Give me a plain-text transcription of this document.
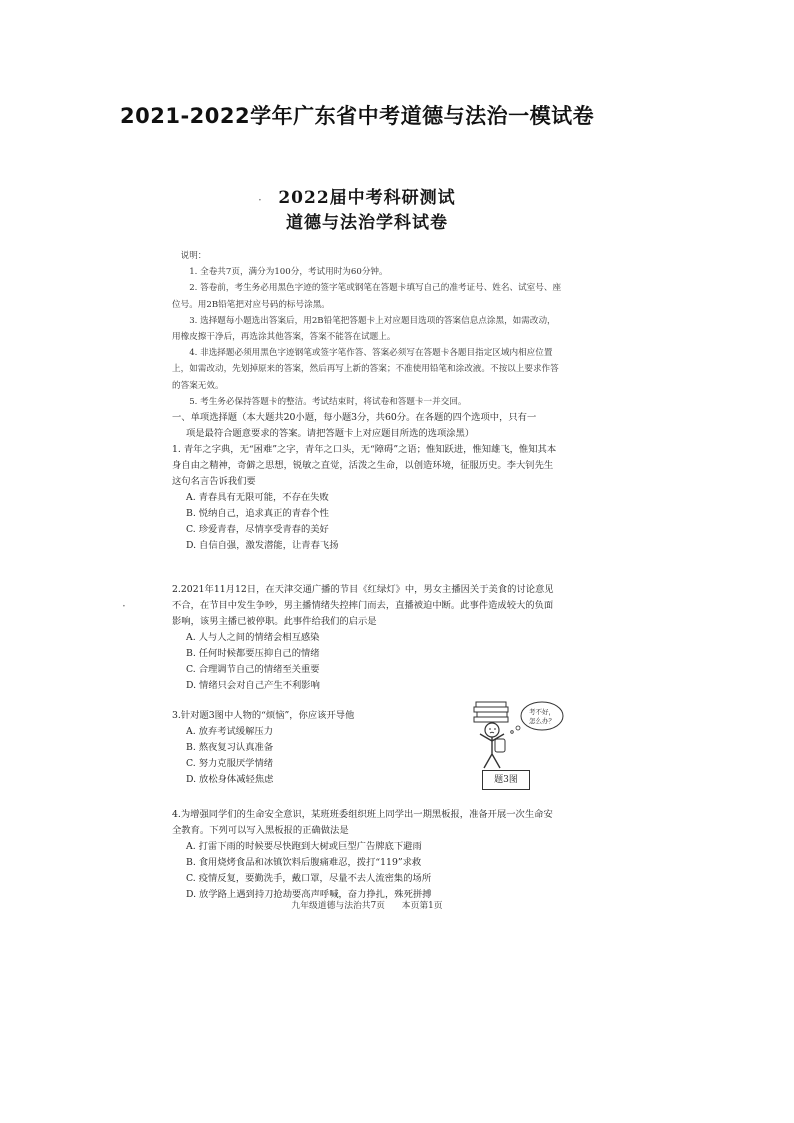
2021-2022学年广东省中考道德与法治一模试卷
·
·
2022届中考科研测试
道德与法治学科试卷
说明：
1. 全卷共7页，满分为100分，考试用时为60分钟。
2. 答卷前，考生务必用黑色字迹的签字笔或钢笔在答题卡填写自己的准考证号、姓名、试室号、座位号。用2B铅笔把对应号码的标号涂黑。
3. 选择题每小题选出答案后，用2B铅笔把答题卡上对应题目选项的答案信息点涂黑，如需改动，用橡皮擦干净后，再选涂其他答案，答案不能答在试题上。
4. 非选择题必须用黑色字迹钢笔或签字笔作答、答案必须写在答题卡各题目指定区域内相应位置上，如需改动，先划掉原来的答案，然后再写上新的答案；不准使用铅笔和涂改液。不按以上要求作答的答案无效。
5. 考生务必保持答题卡的整洁。考试结束时，将试卷和答题卡一并交回。
一、单项选择题（本大题共20小题，每小题3分，共60分。在各题的四个选项中，只有一
项是最符合题意要求的答案。请把答题卡上对应题目所选的选项涂黑）

1. 青年之字典，无“困难”之字，青年之口头，无“障碍”之语；惟知跃进，惟知雄飞，惟知其本身自由之精神，奇僻之思想，锐敏之直觉，活泼之生命，以创造环境，征服历史。李大钊先生这句名言告诉我们要

A. 青春具有无限可能，不存在失败
B. 悦纳自己，追求真正的青春个性
C. 珍爱青春，尽情享受青春的美好
D. 自信自强，激发潜能，让青春飞扬

2.2021年11月12日，在天津交通广播的节目《红绿灯》中，男女主播因关于美食的讨论意见不合，在节目中发生争吵，男主播情绪失控摔门而去，直播被迫中断。此事件造成较大的负面影响，该男主播已被停职。此事件给我们的启示是

A. 人与人之间的情绪会相互感染
B. 任何时候都要压抑自己的情绪
C. 合理调节自己的情绪至关重要
D. 情绪只会对自己产生不利影响

3.针对题3图中人物的“烦恼”，你应该开导他

A. 放弃考试缓解压力
B. 熬夜复习认真准备
C. 努力克服厌学情绪
D. 放松身体减轻焦虑
考不好，
怎么办？
题3图

4.为增强同学们的生命安全意识，某班班委组织班上同学出一期黑板报，准备开展一次生命安全教育。下列可以写入黑板报的正确做法是

A. 打雷下雨的时候要尽快跑到大树或巨型广告牌底下避雨
B. 食用烧烤食品和冰镇饮料后腹痛难忍，拨打“119”求救
C. 疫情反复，要勤洗手，戴口罩，尽量不去人流密集的场所
D. 放学路上遇到持刀抢劫要高声呼喊，奋力挣扎，殊死拼搏
九年级道德与法治共7页 本页第1页
